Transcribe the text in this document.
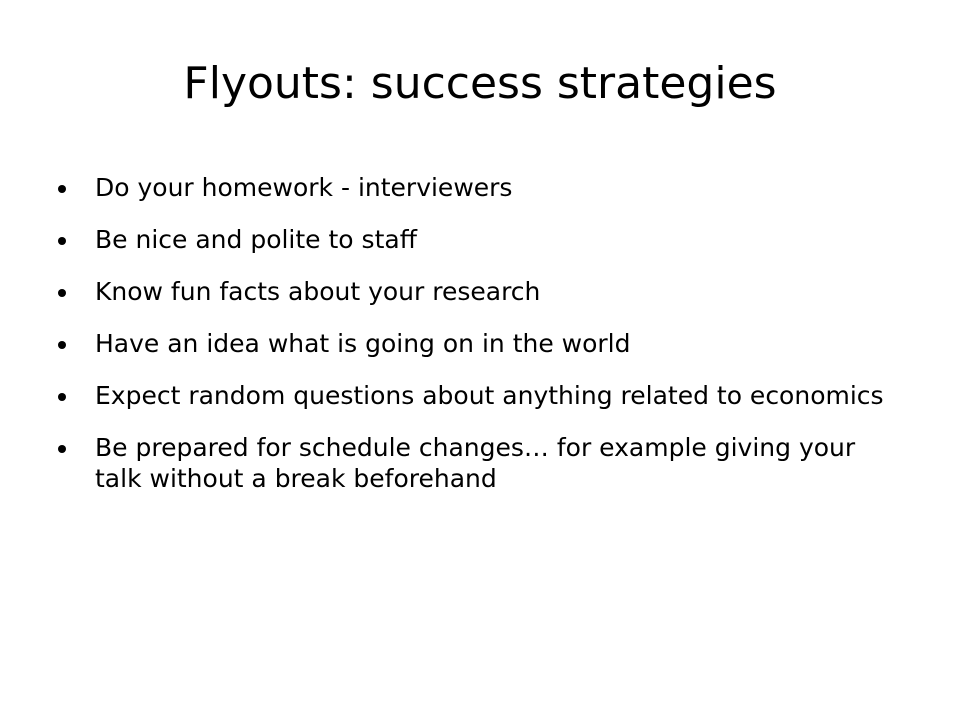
Flyouts: success strategies
Do your homework - interviewers
Be nice and polite to staff
Know fun facts about your research
Have an idea what is going on in the world
Expect random questions about anything related to economics
Be prepared for schedule changes… for example giving your talk without a break beforehand
